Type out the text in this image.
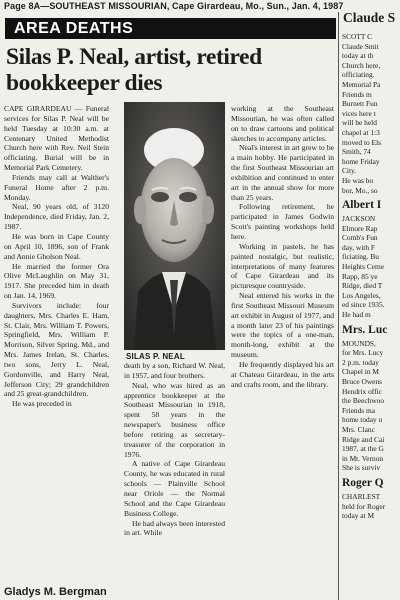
Page 8A—SOUTHEAST MISSOURIAN, Cape Girardeau, Mo., Sun., Jan. 4, 1987
Claude S
AREA DEATHS
Silas P. Neal, artist, retired bookkeeper dies

CAPE GIRARDEAU — Funeral services for Silas P. Neal will be held Tuesday at 10:30 a.m. at Centenary United Methodist Church here with Rev. Neil Stein officiating. Burial will be in Memorial Park Cemetery.

Friends may call at Walther's Funeral Home after 2 p.m. Monday.

Neal, 90 years old, of 3120 Independence, died Friday, Jan. 2, 1987.

He was born in Cape County on April 10, 1896, son of Frank and Annie Gholson Neal.

He married the former Ora Olive McLaughlin on May 31, 1917. She preceded him in death on Jan. 14, 1969.

Survivors include: four daughters, Mrs. Charles E. Ham, St. Clair, Mrs. William T. Powers, Springfield, Mrs. William P. Morrison, Silver Spring, Md., and Mrs. James Irelan, St. Charles, two sons, Jerry L. Neal, Gordonville, and Harry Neal, Jefferson City; 29 grandchildren and 25 great-grandchildren.

He was preceded in

SILAS P. NEAL

death by a son, Richard W. Neal, in 1957, and four brothers.

Neal, who was hired as an apprentice bookkeeper at the Southeast Missourian in 1918, spent 58 years in the newspaper's business office before retiring as secretary-treasurer of the corporation in 1976.

A native of Cape Girardeau County, he was educated in rural schools — Plainville School near Oriole — the Normal School and the Cape Girardeau Business College.

He had always been interested in art. While

working at the Southeast Missourian, he was often called on to draw cartoons and political sketches to accompany articles.

Neal's interest in art grew to be a main hobby. He participated in the first Southeast Missourian art exhibition and continued to enter art in the annual show for more than 25 years.

Following retirement, he participated in James Godwin Scott's painting workshops held here.

Working in pastels, he has painted nostalgic, but realistic, interpretations of many features of Cape Girardeau and its picturesque countryside.

Neal entered his works in the first Southeast Missouri Museum art exhibit in August of 1977, and a month later 23 of his paintings were the topics of a one-man, month-long, exhibit at the museum.

He frequently displayed his art at Chateau Girardeau, in the arts and crafts room, and the library.

Gladys M. Bergman
SCOTT C
Claude Smit
today at th
Church here,
officiating.
Memorial Pa
Friends m
Burnett Fun
vices here t
will be held
chapel at 1:3
moved to Els
Smith, 74
home Friday
City.
He was bo
bor, Mo., so
Albert I
JACKSON
Elmore Rap
Comb's Fun
day, with F
ficiating. Bu
Heights Ceme
Rapp, 85 ye
Ridge, died T
Los Angeles,
ed since 1935.
He had m
Mrs. Luc
MOUNDS,
for Mrs. Lucy
2 p.m. today
Chapel in M
Bruce Owens
Hendrix offic
the Beechwoo
Friends ma
home today u
Mrs. Clanc
Ridge and Cai
1987, at the G
in Mt. Vernon
She is surviv
Roger Q
CHARLEST
held for Roger
today at M
